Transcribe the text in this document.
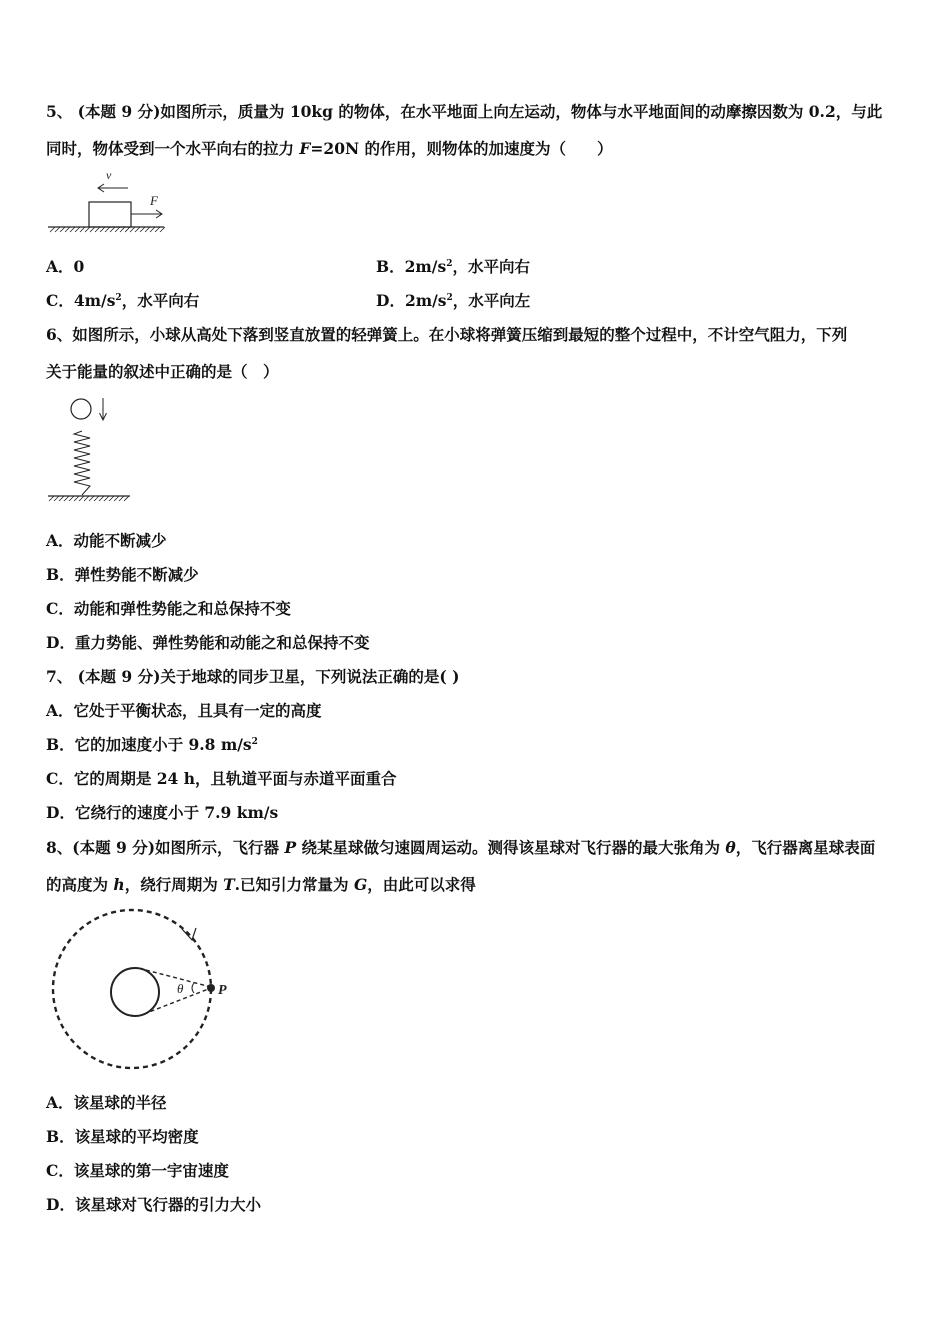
5、 (本题 9 分)如图所示，质量为 10kg 的物体，在水平地面上向左运动，物体与水平地面间的动摩擦因数为 0.2，与此
同时，物体受到一个水平向右的拉力 F=20N 的作用，则物体的加速度为（　　）
v
F
A．0	B．$2m/s^2$，水平向右
C．$4m/s^2$，水平向右	D．$2m/s^2$，水平向左
6、如图所示，小球从高处下落到竖直放置的轻弹簧上。在小球将弹簧压缩到最短的整个过程中，不计空气阻力，下列
关于能量的叙述中正确的是（　）
A．动能不断减少
B．弹性势能不断减少
C．动能和弹性势能之和总保持不变
D．重力势能、弹性势能和动能之和总保持不变
7、 (本题 9 分)关于地球的同步卫星，下列说法正确的是( )
A．它处于平衡状态，且具有一定的高度
B．它的加速度小于 9.8 $m/s^2$
C．它的周期是 24 h，且轨道平面与赤道平面重合
D．它绕行的速度小于 7.9 km/s
8、(本题 9 分)如图所示，飞行器 P 绕某星球做匀速圆周运动。测得该星球对飞行器的最大张角为 θ，飞行器离星球表面
的高度为 h，绕行周期为 T.已知引力常量为 G，由此可以求得
θ P
A．该星球的半径
B．该星球的平均密度
C．该星球的第一宇宙速度
D．该星球对飞行器的引力大小
